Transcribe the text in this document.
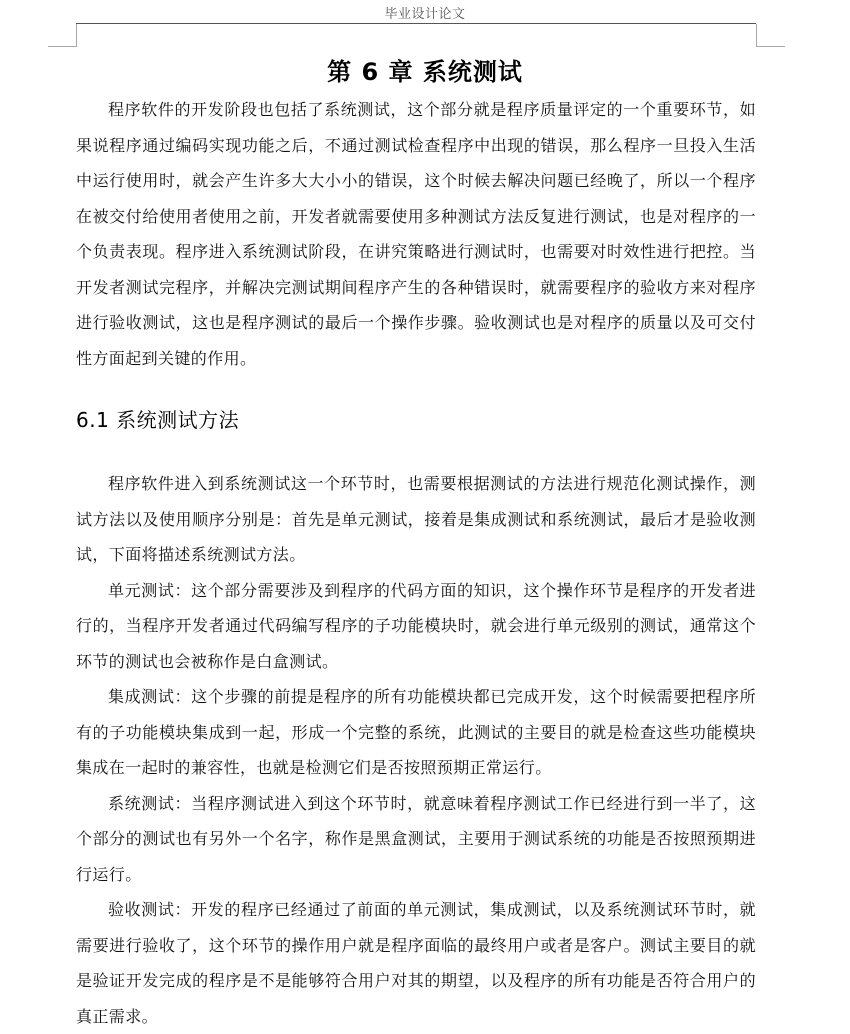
毕业设计论文
第 6 章 系统测试

程序软件的开发阶段也包括了系统测试，这个部分就是程序质量评定的一个重要环节，如果说程序通过编码实现功能之后，不通过测试检查程序中出现的错误，那么程序一旦投入生活中运行使用时，就会产生许多大大小小的错误，这个时候去解决问题已经晚了，所以一个程序在被交付给使用者使用之前，开发者就需要使用多种测试方法反复进行测试，也是对程序的一个负责表现。程序进入系统测试阶段，在讲究策略进行测试时，也需要对时效性进行把控。当开发者测试完程序，并解决完测试期间程序产生的各种错误时，就需要程序的验收方来对程序进行验收测试，这也是程序测试的最后一个操作步骤。验收测试也是对程序的质量以及可交付性方面起到关键的作用。

6.1 系统测试方法

程序软件进入到系统测试这一个环节时，也需要根据测试的方法进行规范化测试操作，测试方法以及使用顺序分别是：首先是单元测试，接着是集成测试和系统测试，最后才是验收测试，下面将描述系统测试方法。

单元测试：这个部分需要涉及到程序的代码方面的知识，这个操作环节是程序的开发者进行的，当程序开发者通过代码编写程序的子功能模块时，就会进行单元级别的测试，通常这个环节的测试也会被称作是白盒测试。

集成测试：这个步骤的前提是程序的所有功能模块都已完成开发，这个时候需要把程序所有的子功能模块集成到一起，形成一个完整的系统，此测试的主要目的就是检查这些功能模块集成在一起时的兼容性，也就是检测它们是否按照预期正常运行。

系统测试：当程序测试进入到这个环节时，就意味着程序测试工作已经进行到一半了，这个部分的测试也有另外一个名字，称作是黑盒测试，主要用于测试系统的功能是否按照预期进行运行。

验收测试：开发的程序已经通过了前面的单元测试，集成测试，以及系统测试环节时，就需要进行验收了，这个环节的操作用户就是程序面临的最终用户或者是客户。测试主要目的就是验证开发完成的程序是不是能够符合用户对其的期望，以及程序的所有功能是否符合用户的真正需求。
